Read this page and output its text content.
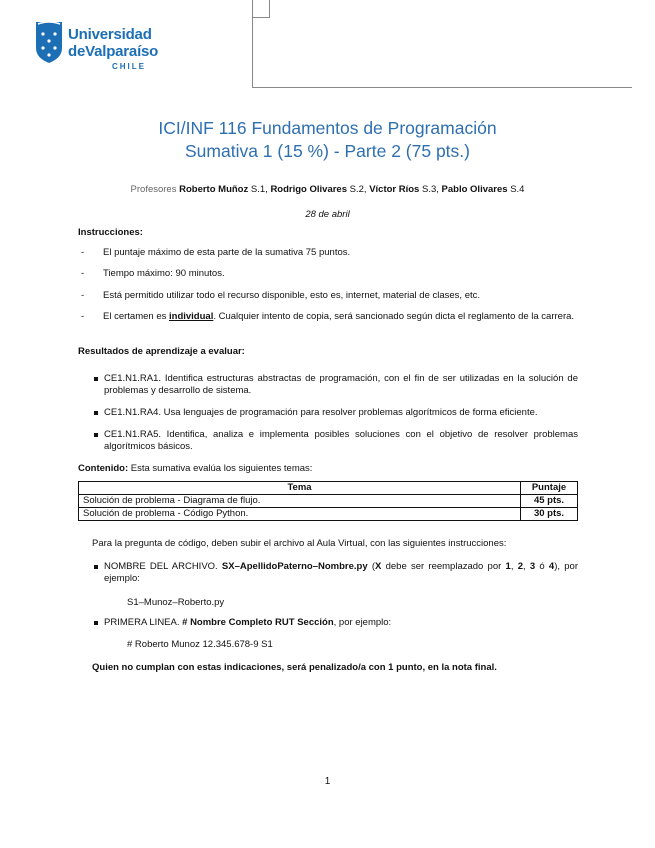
Universidad
deValparaíso
CHILE
ICI/INF 116 Fundamentos de Programación
Sumativa 1 (15 %) - Parte 2 (75 pts.)
Profesores Roberto Muñoz S.1, Rodrigo Olivares S.2, Víctor Ríos S.3, Pablo Olivares S.4
28 de abril
Instrucciones:
- El puntaje máximo de esta parte de la sumativa 75 puntos.
- Tiempo máximo: 90 minutos.
- Está permitido utilizar todo el recurso disponible, esto es, internet, material de clases, etc.
- El certamen es individual. Cualquier intento de copia, será sancionado según dicta el reglamento de la carrera.
Resultados de aprendizaje a evaluar:
CE1.N1.RA1. Identifica estructuras abstractas de programación, con el fin de ser utilizadas en la solución de problemas y desarrollo de sistema.
CE1.N1.RA4. Usa lenguajes de programación para resolver problemas algorítmicos de forma eficiente.
CE1.N1.RA5. Identifica, analiza e implementa posibles soluciones con el objetivo de resolver problemas algorítmicos básicos.
Contenido: Esta sumativa evalúa los siguientes temas:
Tema	Puntaje
Solución de problema - Diagrama de flujo.	45 pts.
Solución de problema - Código Python.	30 pts.
Para la pregunta de código, deben subir el archivo al Aula Virtual, con las siguientes instrucciones:
NOMBRE DEL ARCHIVO. SX–ApellidoPaterno–Nombre.py (X debe ser reemplazado por 1, 2, 3 ó 4), por ejemplo:
S1–Munoz–Roberto.py
PRIMERA LINEA. # Nombre Completo RUT Sección, por ejemplo:
# Roberto Munoz 12.345.678-9 S1
Quien no cumplan con estas indicaciones, será penalizado/a con 1 punto, en la nota final.
1
